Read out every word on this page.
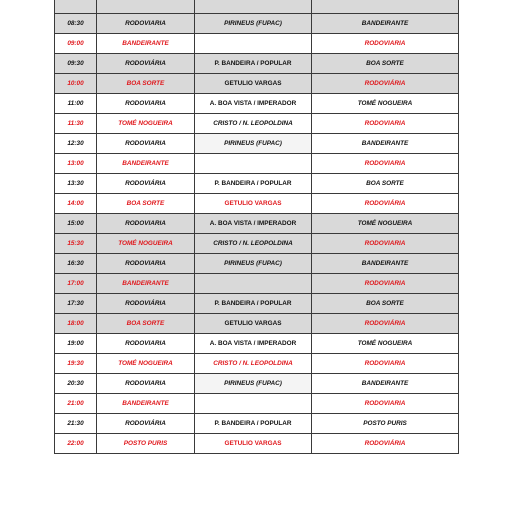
08:30	RODOVIARIA	PIRINEUS (FUPAC)	BANDEIRANTE
09:00	BANDEIRANTE		RODOVIARIA
09:30	RODOVIÁRIA	P. BANDEIRA / POPULAR	BOA SORTE
10:00	BOA SORTE	GETULIO VARGAS	RODOVIÁRIA
11:00	RODOVIARIA	A. BOA VISTA / IMPERADOR	TOMÉ NOGUEIRA
11:30	TOMÉ NOGUEIRA	CRISTO / N. LEOPOLDINA	RODOVIARIA
12:30	RODOVIARIA	PIRINEUS (FUPAC)	BANDEIRANTE
13:00	BANDEIRANTE		RODOVIARIA
13:30	RODOVIÁRIA	P. BANDEIRA / POPULAR	BOA SORTE
14:00	BOA SORTE	GETULIO VARGAS	RODOVIÁRIA
15:00	RODOVIARIA	A. BOA VISTA / IMPERADOR	TOMÉ NOGUEIRA
15:30	TOMÉ NOGUEIRA	CRISTO / N. LEOPOLDINA	RODOVIARIA
16:30	RODOVIARIA	PIRINEUS (FUPAC)	BANDEIRANTE
17:00	BANDEIRANTE		RODOVIARIA
17:30	RODOVIÁRIA	P. BANDEIRA / POPULAR	BOA SORTE
18:00	BOA SORTE	GETULIO VARGAS	RODOVIÁRIA
19:00	RODOVIARIA	A. BOA VISTA / IMPERADOR	TOMÉ NOGUEIRA
19:30	TOMÉ NOGUEIRA	CRISTO / N. LEOPOLDINA	RODOVIARIA
20:30	RODOVIARIA	PIRINEUS (FUPAC)	BANDEIRANTE
21:00	BANDEIRANTE		RODOVIARIA
21:30	RODOVIÁRIA	P. BANDEIRA / POPULAR	POSTO PURIS
22:00	POSTO PURIS	GETULIO VARGAS	RODOVIÁRIA
